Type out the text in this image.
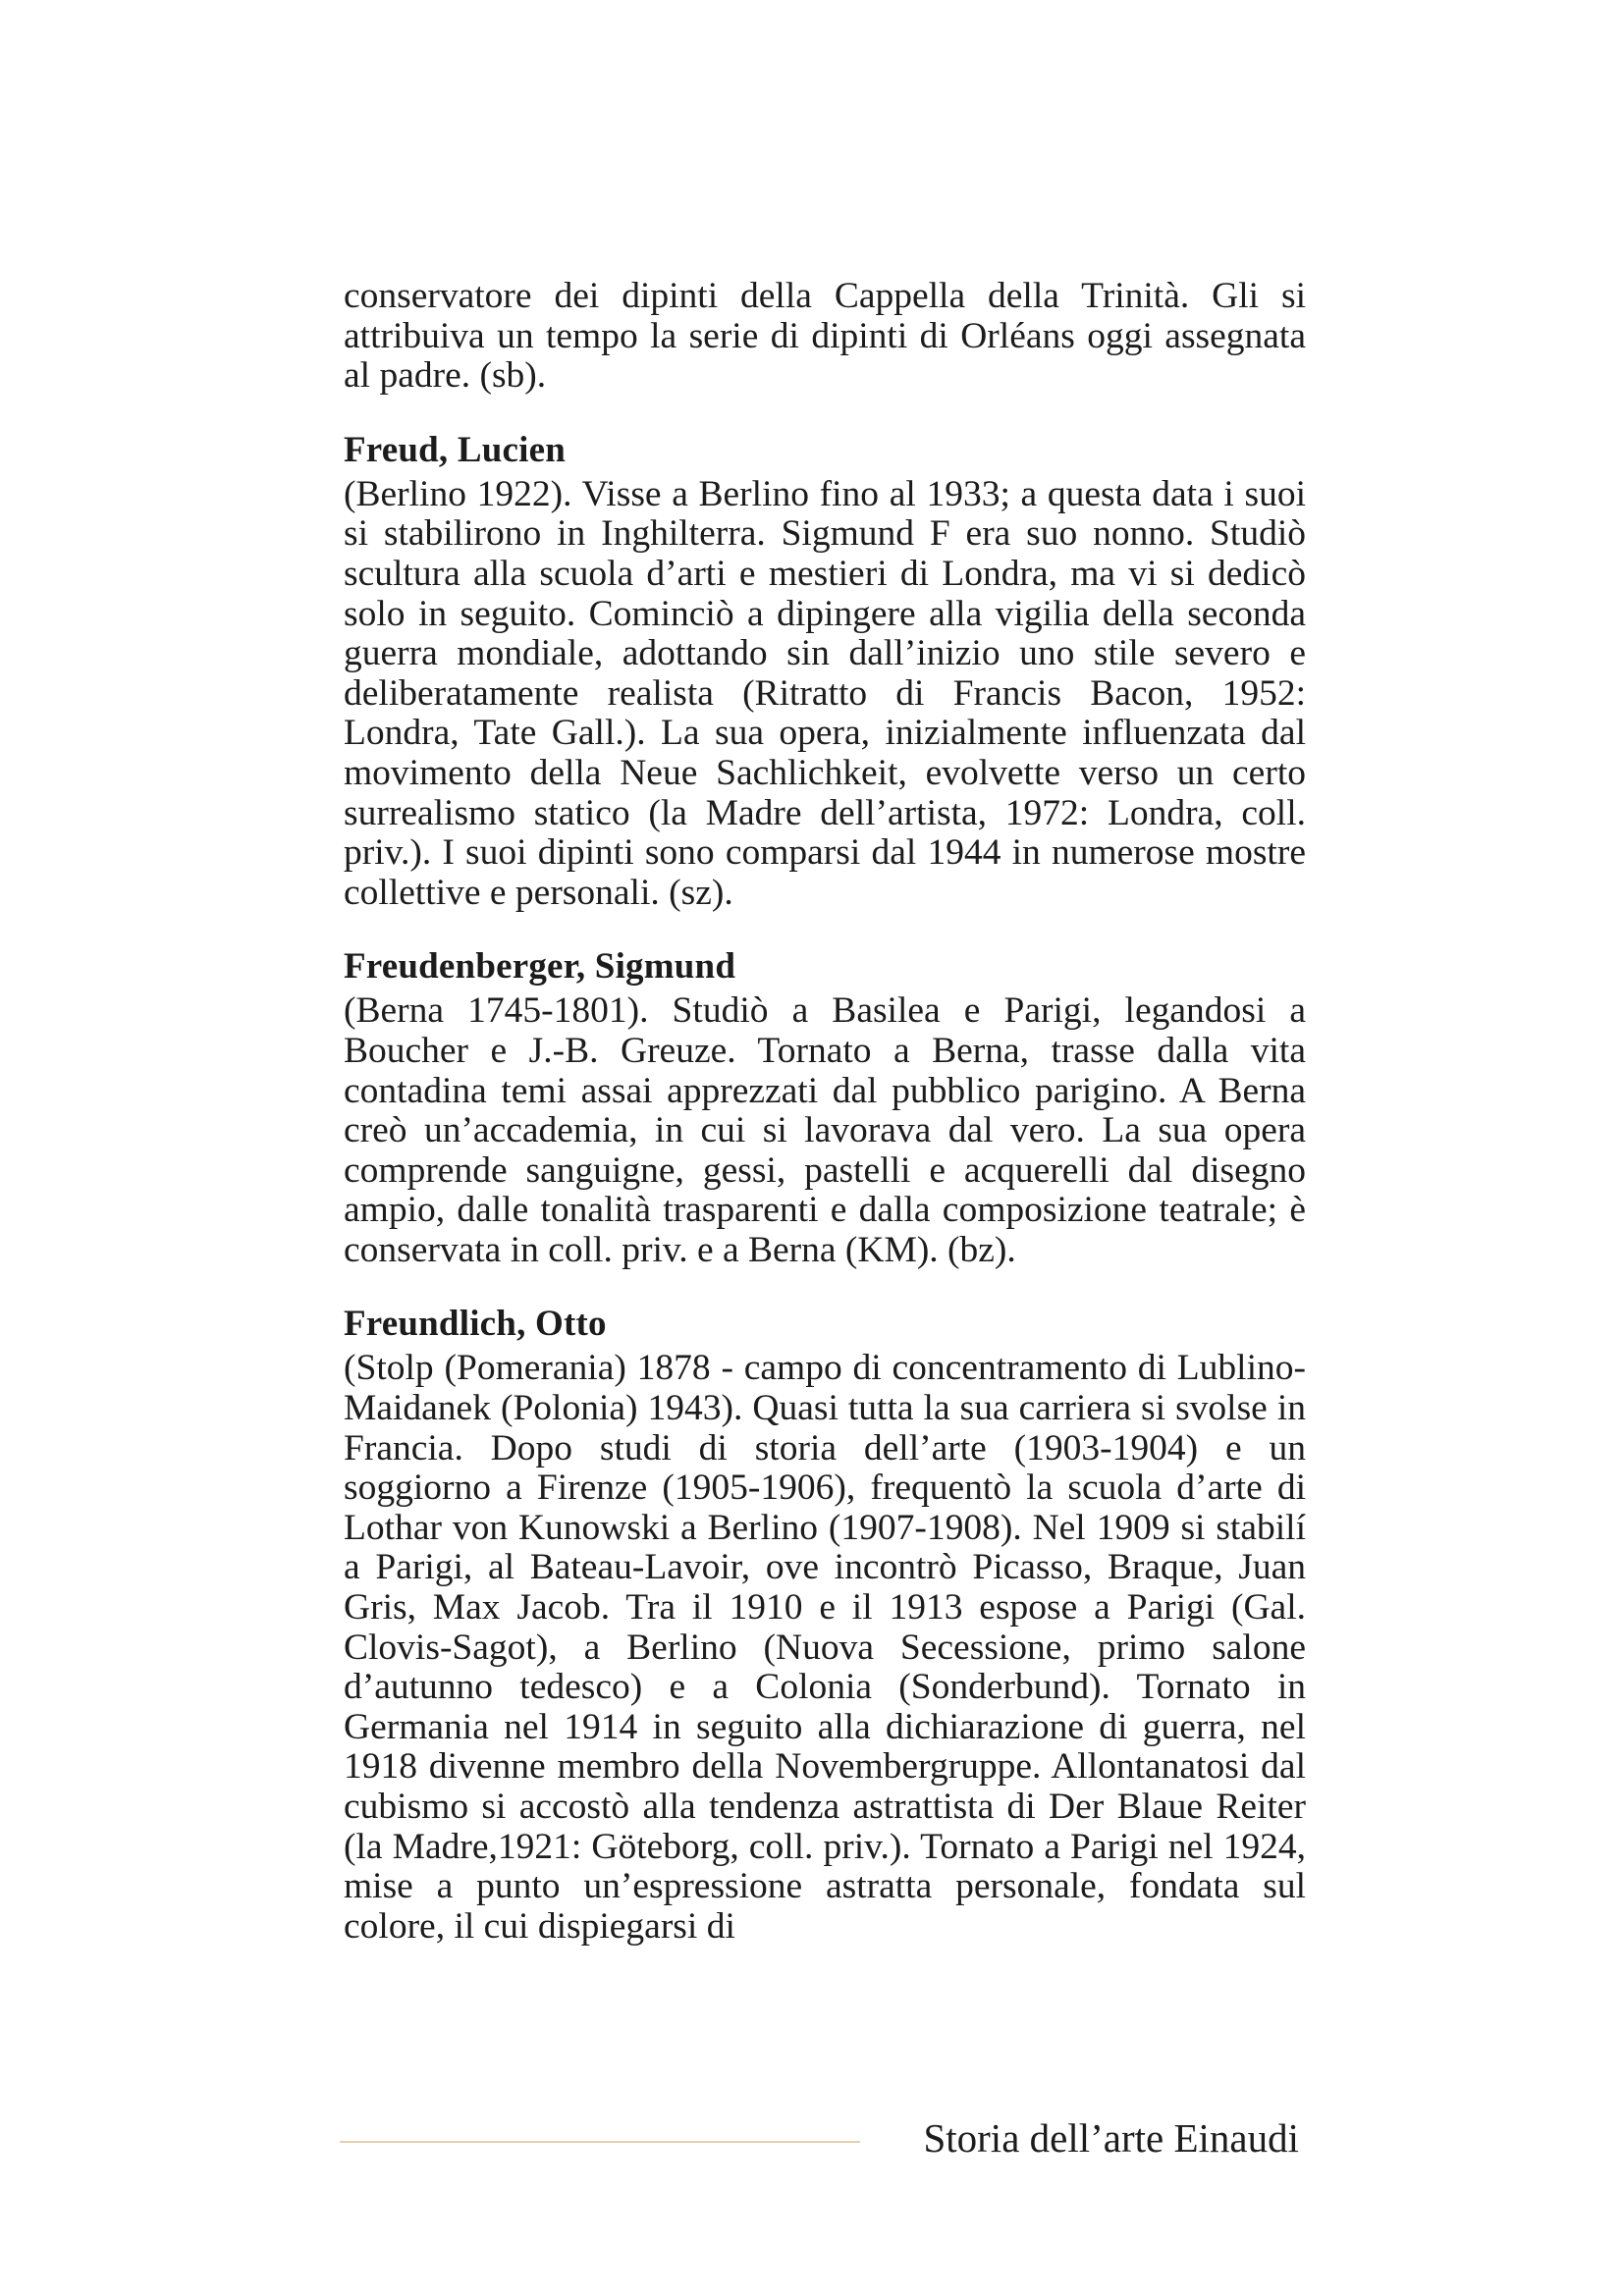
conservatore dei dipinti della Cappella della Trinità. Gli si attribuiva un tempo la serie di dipinti di Orléans oggi assegnata al padre. (sb).

Freud, Lucien

(Berlino 1922). Visse a Berlino fino al 1933; a questa data i suoi si stabilirono in Inghilterra. Sigmund F era suo nonno. Studiò scultura alla scuola d’arti e mestieri di Londra, ma vi si dedicò solo in seguito. Cominciò a dipingere alla vigilia della seconda guerra mondiale, adottando sin dall’inizio uno stile severo e deliberatamente realista (Ritratto di Francis Bacon, 1952: Londra, Tate Gall.). La sua opera, inizialmente influenzata dal movimento della Neue Sachlichkeit, evolvette verso un certo surrealismo statico (la Madre dell’artista, 1972: Londra, coll. priv.). I suoi dipinti sono comparsi dal 1944 in numerose mostre collettive e personali. (sz).

Freudenberger, Sigmund

(Berna 1745-1801). Studiò a Basilea e Parigi, legandosi a Boucher e J.-B. Greuze. Tornato a Berna, trasse dalla vita contadina temi assai apprezzati dal pubblico parigino. A Berna creò un’accademia, in cui si lavorava dal vero. La sua opera comprende sanguigne, gessi, pastelli e acquerelli dal disegno ampio, dalle tonalità trasparenti e dalla composizione teatrale; è conservata in coll. priv. e a Berna (KM). (bz).

Freundlich, Otto

(Stolp (Pomerania) 1878 - campo di concentramento di Lublino-Maidanek (Polonia) 1943). Quasi tutta la sua carriera si svolse in Francia. Dopo studi di storia dell’arte (1903-1904) e un soggiorno a Firenze (1905-1906), frequentò la scuola d’arte di Lothar von Kunowski a Berlino (1907-1908). Nel 1909 si stabilí a Parigi, al Bateau-Lavoir, ove incontrò Picasso, Braque, Juan Gris, Max Jacob. Tra il 1910 e il 1913 espose a Parigi (Gal. Clovis-Sagot), a Berlino (Nuova Secessione, primo salone d’autunno tedesco) e a Colonia (Sonderbund). Tornato in Germania nel 1914 in seguito alla dichiarazione di guerra, nel 1918 divenne membro della Novembergruppe. Allontanatosi dal cubismo si accostò alla tendenza astrattista di Der Blaue Reiter (la Madre,1921: Göteborg, coll. priv.). Tornato a Parigi nel 1924, mise a punto un’espressione astratta personale, fondata sul colore, il cui dispiegarsi di

Storia dell’arte Einaudi
